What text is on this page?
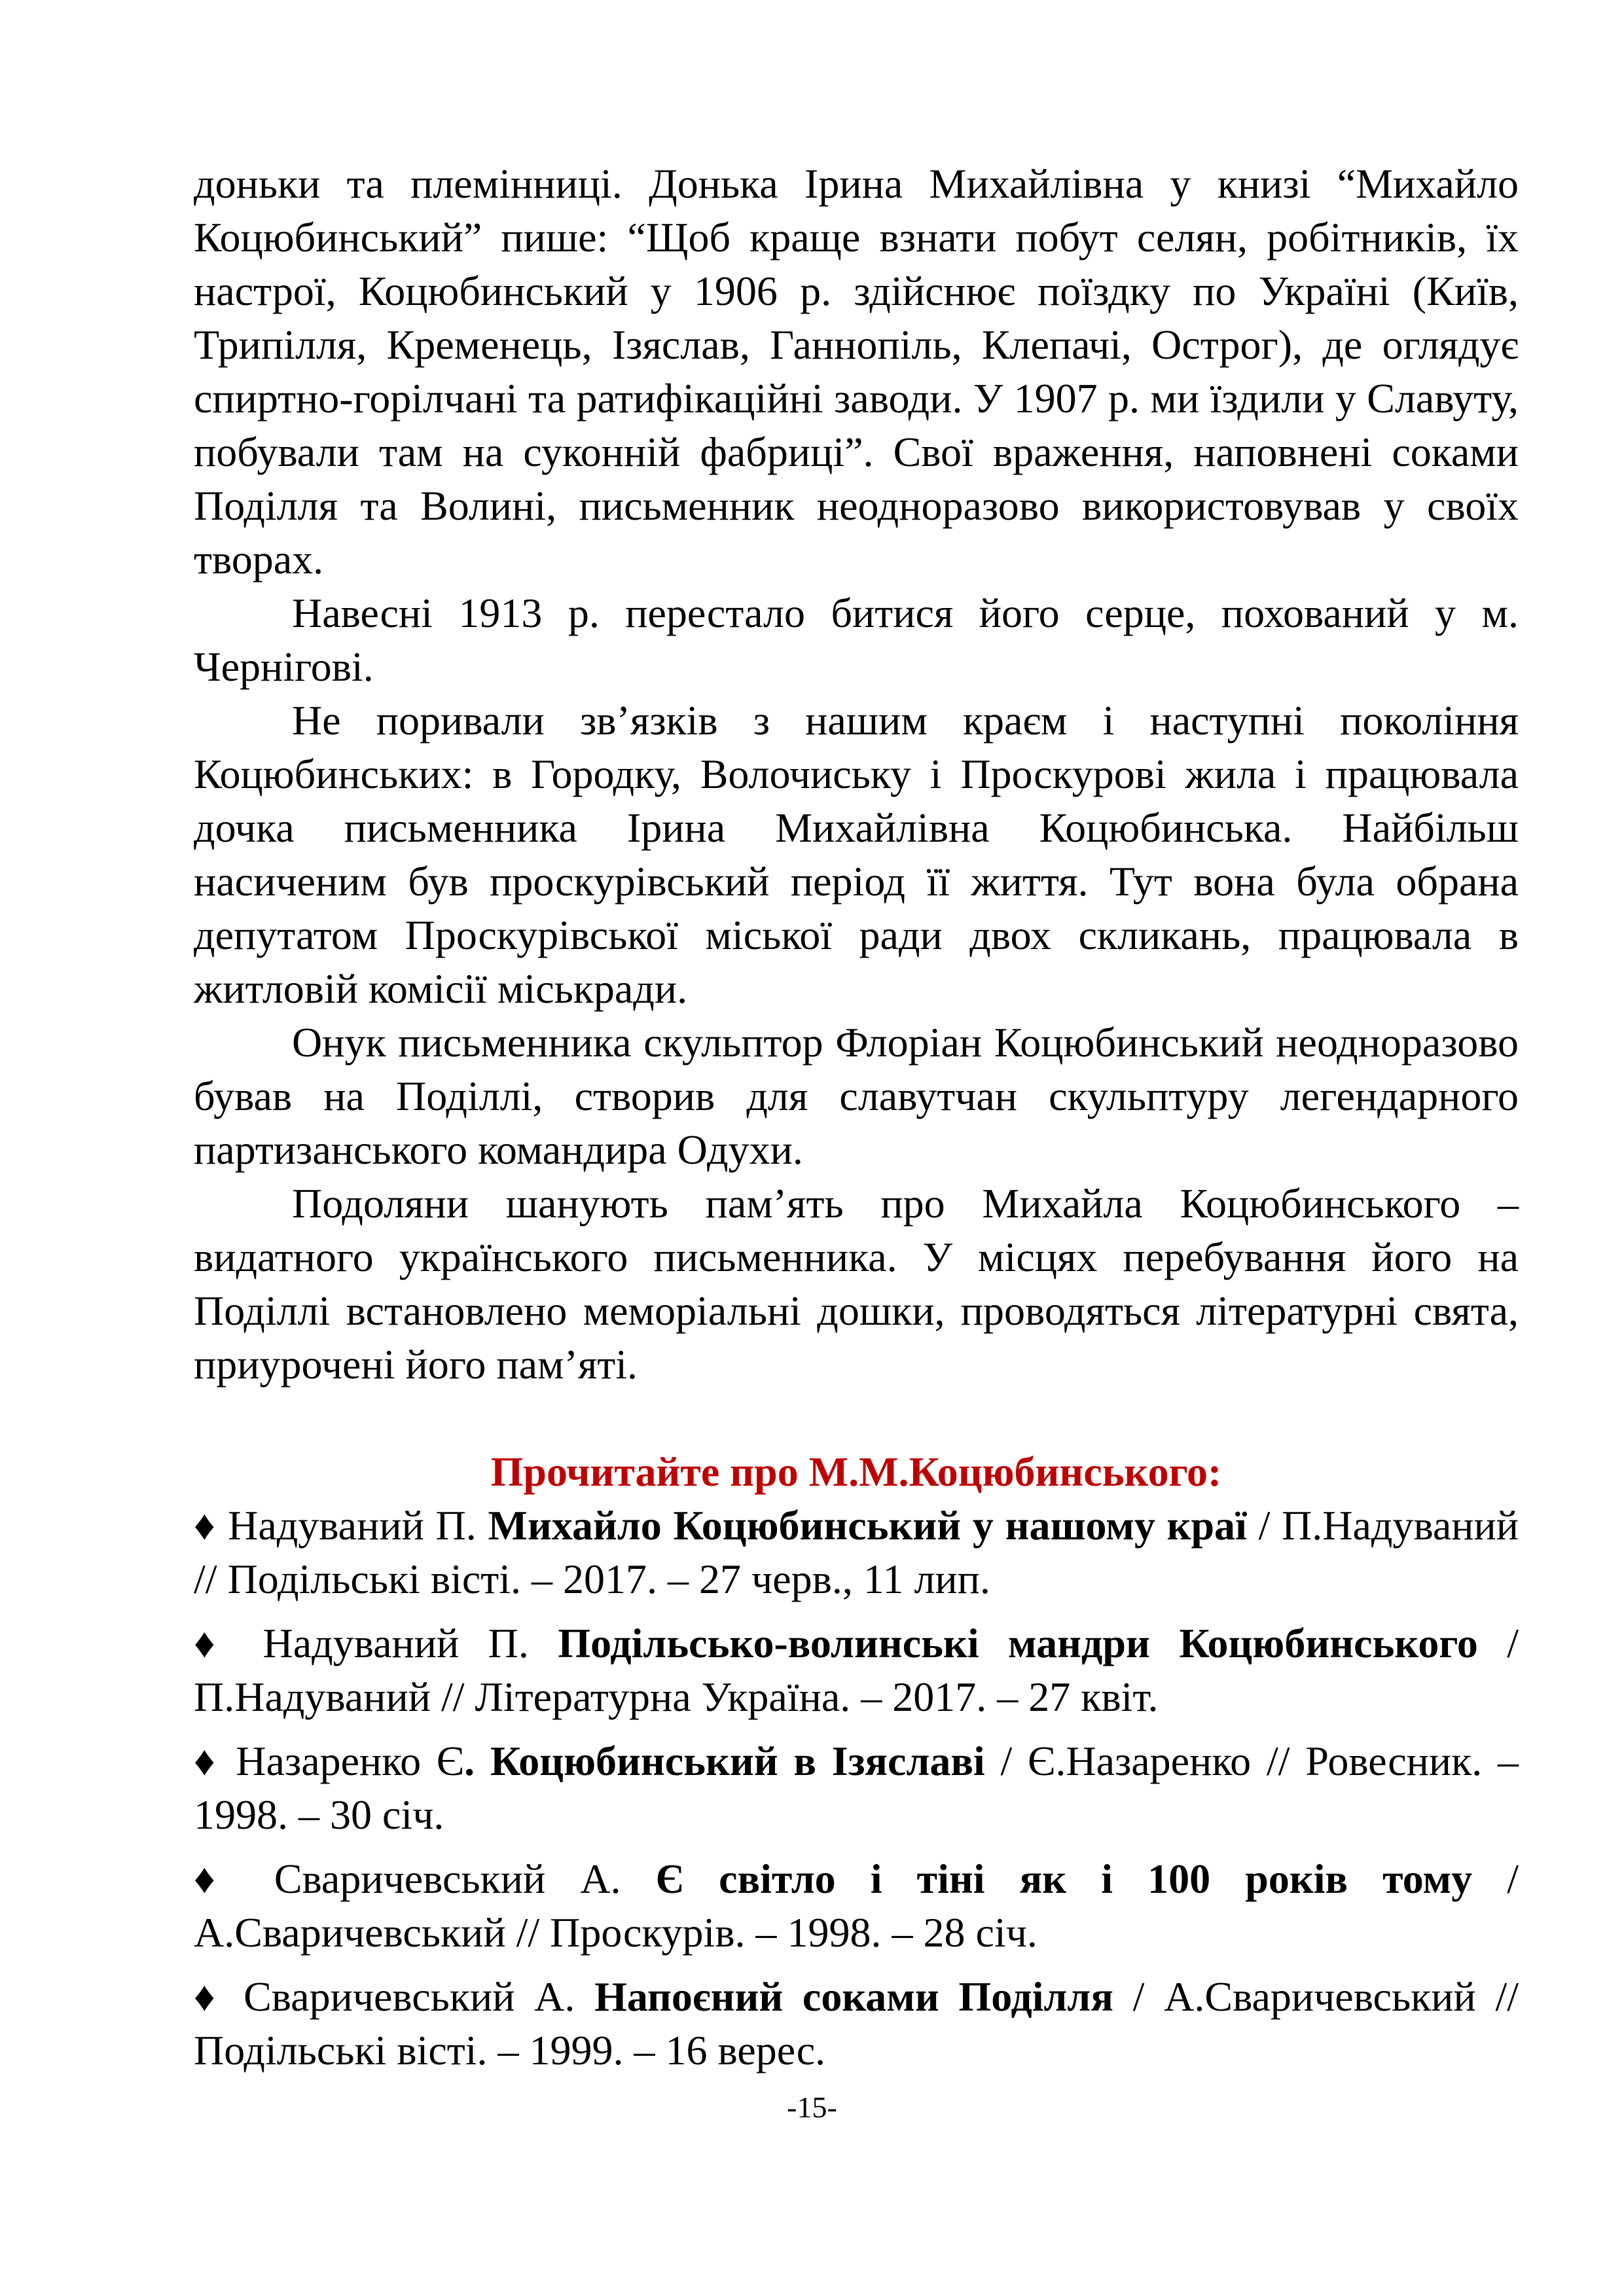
доньки та племінниці. Донька Ірина Михайлівна у книзі “Михайло Коцюбинський” пише: “Щоб краще взнати побут селян, робітників, їх настрої, Коцюбинський у 1906 р. здійснює поїздку по Україні (Київ, Трипілля, Кременець, Ізяслав, Ганнопіль, Клепачі, Острог), де оглядує спиртно-горілчані та ратифікаційні заводи. У 1907 р. ми їздили у Славуту, побували там на суконній фабриці”. Свої враження, наповнені соками Поділля та Волині, письменник неодноразово використовував у своїх творах.

Навесні 1913 р. перестало битися його серце, похований у м. Чернігові.

Не поривали зв’язків з нашим краєм і наступні покоління Коцюбинських: в Городку, Волочиську і Проскурові жила і працювала дочка письменника Ірина Михайлівна Коцюбинська. Найбільш насиченим був проскурівський період її життя. Тут вона була обрана депутатом Проскурівської міської ради двох скликань, працювала в житловій комісії міськради.

Онук письменника скульптор Флоріан Коцюбинський неодноразово бував на Поділлі, створив для славутчан скульптуру легендарного партизанського командира Одухи.

Подоляни шанують пам’ять про Михайла Коцюбинського – видатного українського письменника. У місцях перебування його на Поділлі встановлено меморіальні дошки, проводяться літературні свята, приурочені його пам’яті.

Прочитайте про М.М.Коцюбинського:

♦ Надуваний П. Михайло Коцюбинський у нашому краї / П.Надуваний // Подільські вісті. – 2017. – 27 черв., 11 лип.

♦ Надуваний П. Подільсько-волинські мандри Коцюбинського / П.Надуваний // Літературна Україна. – 2017. – 27 квіт.

♦ Назаренко Є. Коцюбинський в Ізяславі / Є.Назаренко // Ровесник. – 1998. – 30 січ.

♦ Сваричевський А. Є світло і тіні як і 100 років тому / А.Сваричевський // Проскурів. – 1998. – 28 січ.

♦ Сваричевський А. Напоєний соками Поділля / А.Сваричевський // Подільські вісті. – 1999. – 16 верес.

-15-
